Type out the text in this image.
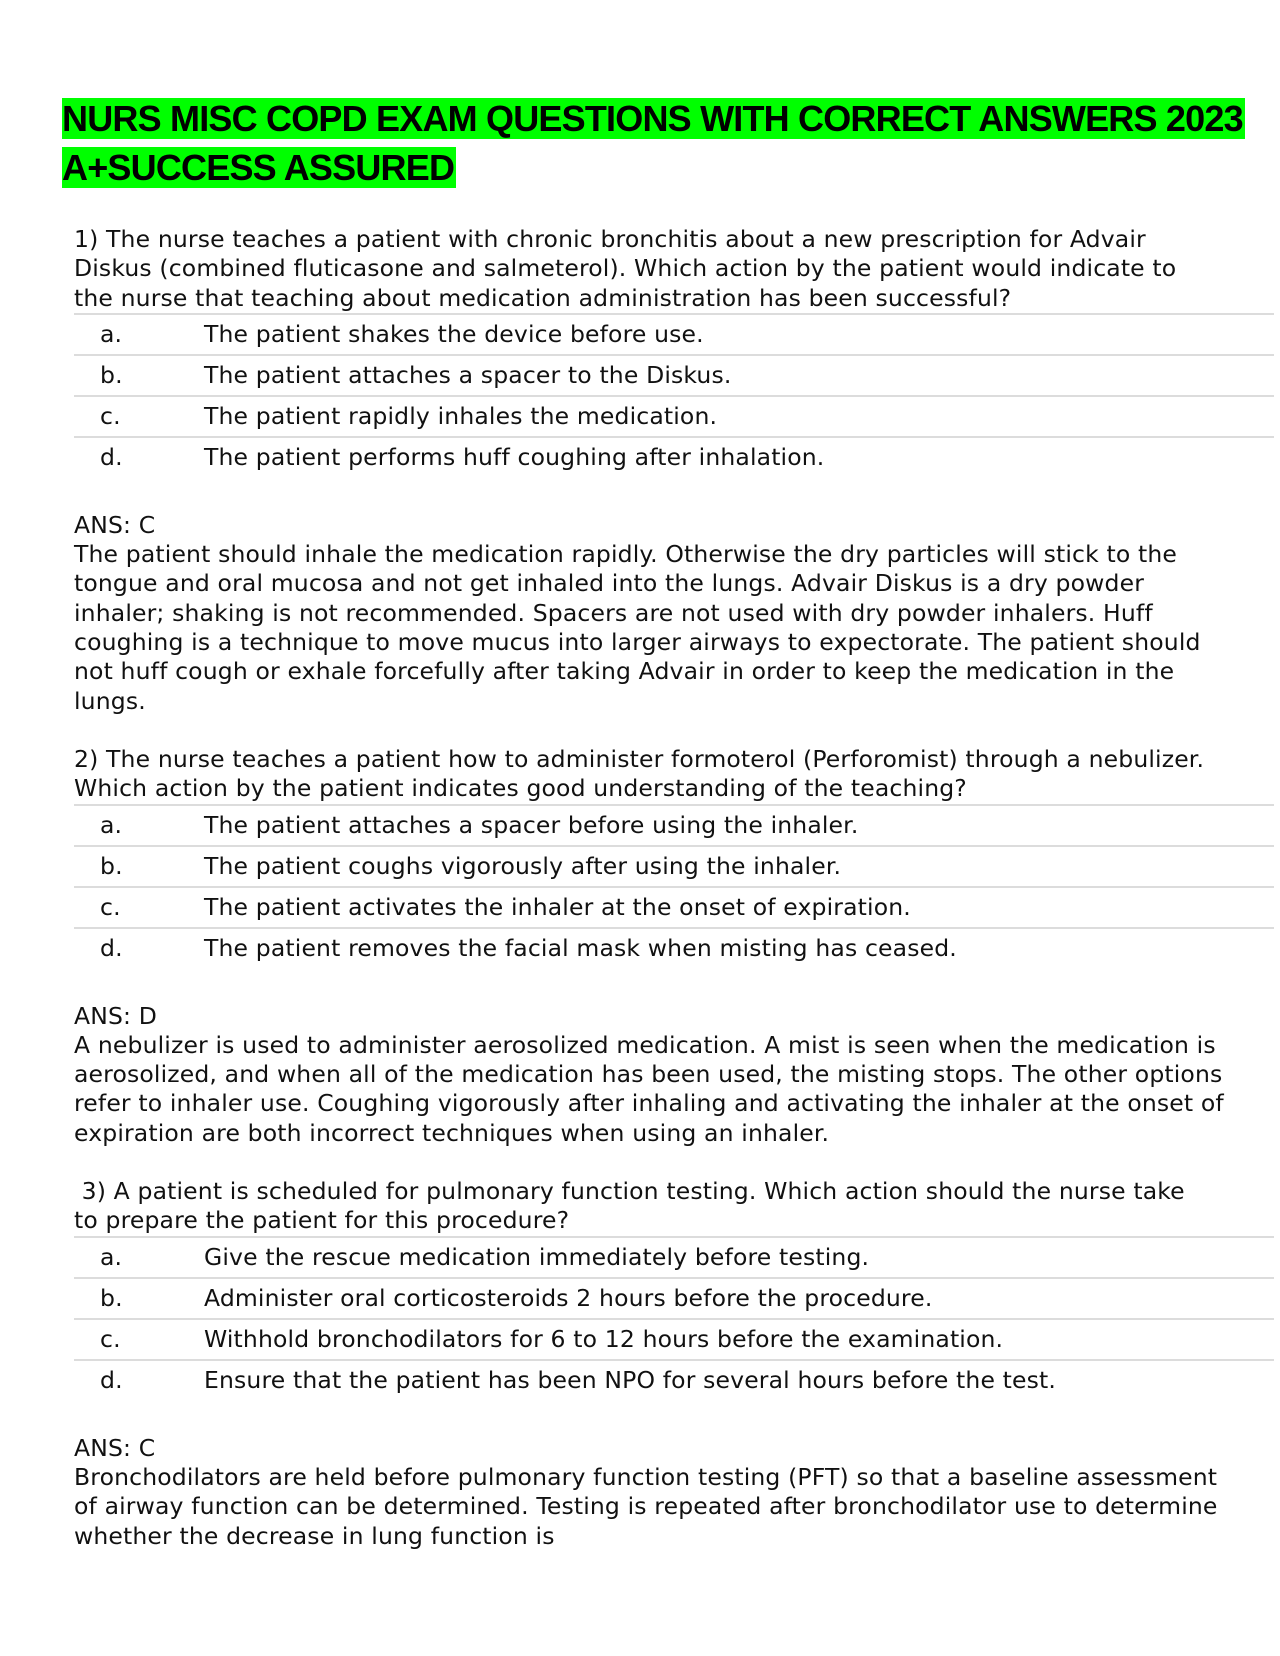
NURS MISC COPD EXAM QUESTIONS WITH CORRECT ANSWERS 2023 A+SUCCESS ASSURED

1) The nurse teaches a patient with chronic bronchitis about a new prescription for Advair Diskus (combined fluticasone and salmeterol). Which action by the patient would indicate to the nurse that teaching about medication administration has been successful?

a.	The patient shakes the device before use.
b.	The patient attaches a spacer to the Diskus.
c.	The patient rapidly inhales the medication.
d.	The patient performs huff coughing after inhalation.

ANS: C

The patient should inhale the medication rapidly. Otherwise the dry particles will stick to the tongue and oral mucosa and not get inhaled into the lungs. Advair Diskus is a dry powder inhaler; shaking is not recommended. Spacers are not used with dry powder inhalers. Huff coughing is a technique to move mucus into larger airways to expectorate. The patient should not huff cough or exhale forcefully after taking Advair in order to keep the medication in the lungs.

2) The nurse teaches a patient how to administer formoterol (Perforomist) through a nebulizer. Which action by the patient indicates good understanding of the teaching?

a.	The patient attaches a spacer before using the inhaler.
b.	The patient coughs vigorously after using the inhaler.
c.	The patient activates the inhaler at the onset of expiration.
d.	The patient removes the facial mask when misting has ceased.

ANS: D

A nebulizer is used to administer aerosolized medication. A mist is seen when the medication is aerosolized, and when all of the medication has been used, the misting stops. The other options refer to inhaler use. Coughing vigorously after inhaling and activating the inhaler at the onset of expiration are both incorrect techniques when using an inhaler.

3) A patient is scheduled for pulmonary function testing. Which action should the nurse take to prepare the patient for this procedure?

a.	Give the rescue medication immediately before testing.
b.	Administer oral corticosteroids 2 hours before the procedure.
c.	Withhold bronchodilators for 6 to 12 hours before the examination.
d.	Ensure that the patient has been NPO for several hours before the test.

ANS: C

Bronchodilators are held before pulmonary function testing (PFT) so that a baseline assessment of airway function can be determined. Testing is repeated after bronchodilator use to determine whether the decrease in lung function is
